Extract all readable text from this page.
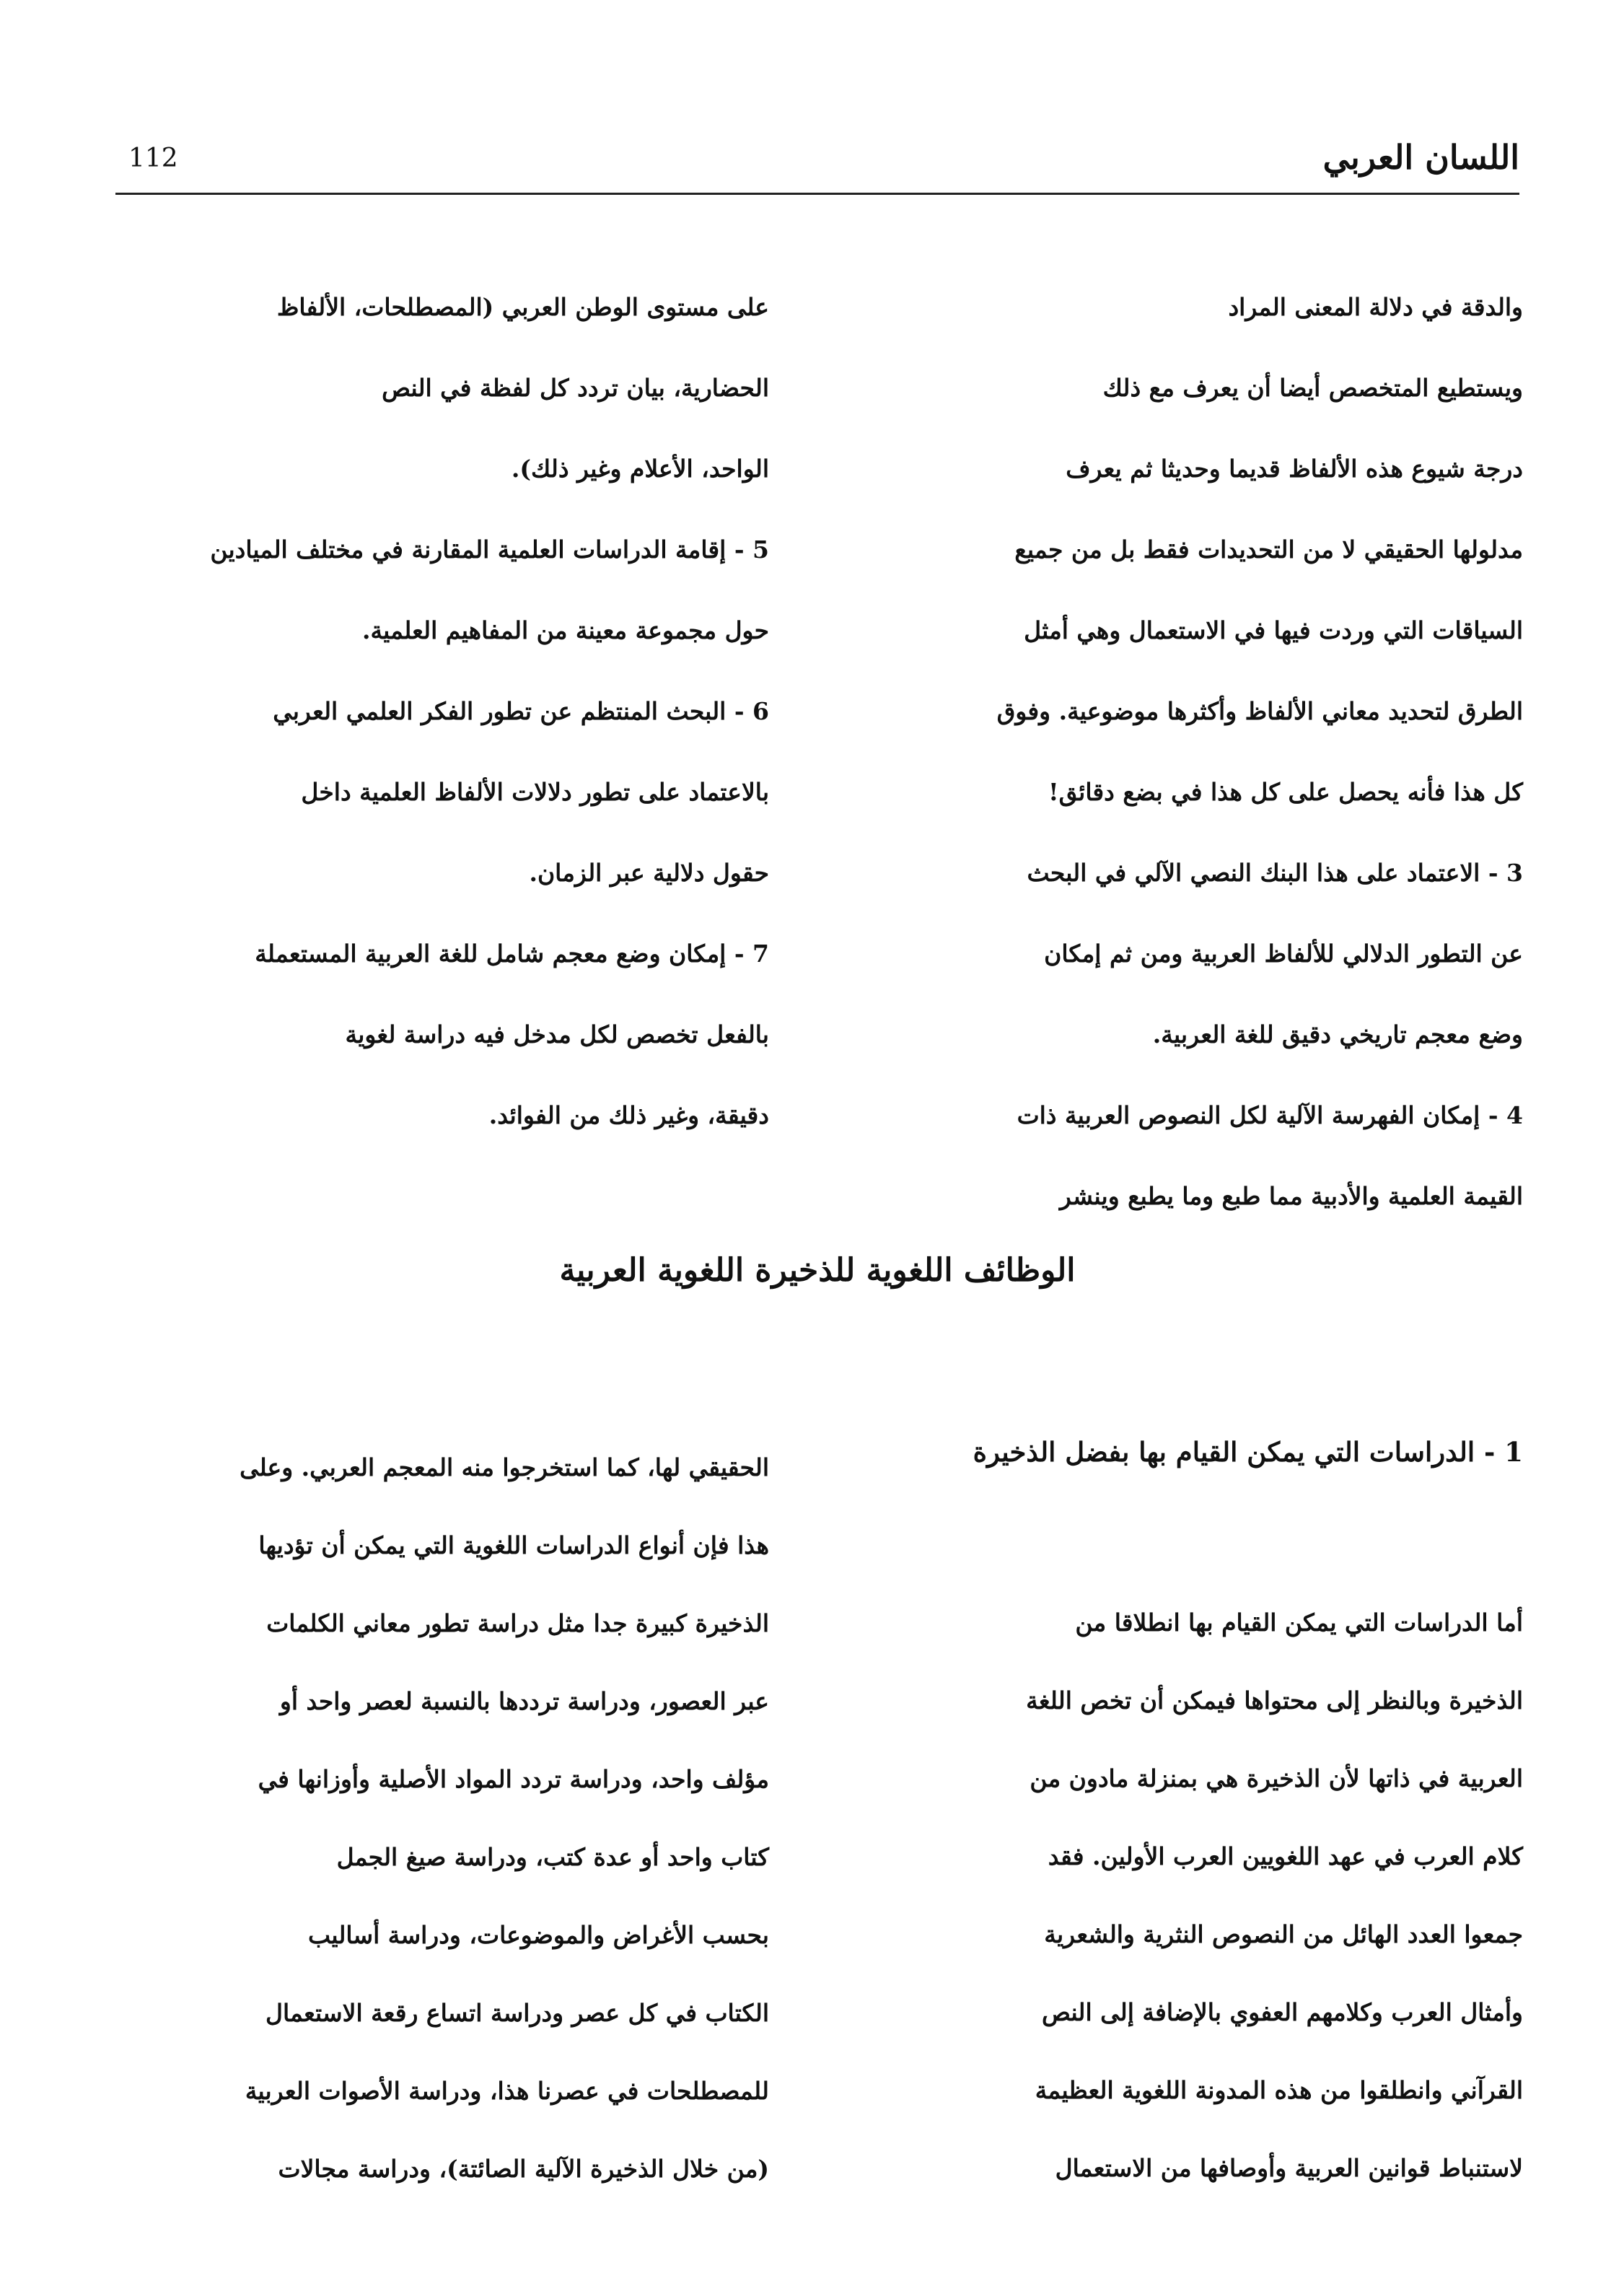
112	اللسان العربي
والدقة في دلالة المعنى المراد
ويستطيع المتخصص أيضا أن يعرف مع ذلك
درجة شيوع هذه الألفاظ قديما وحديثا ثم يعرف
مدلولها الحقيقي لا من التحديدات فقط بل من جميع
السياقات التي وردت فيها في الاستعمال وهي أمثل
الطرق لتحديد معاني الألفاظ وأكثرها موضوعية. وفوق
كل هذا فأنه يحصل على كل هذا في بضع دقائق!
3 - الاعتماد على هذا البنك النصي الآلي في البحث
عن التطور الدلالي للألفاظ العربية ومن ثم إمكان
وضع معجم تاريخي دقيق للغة العربية.
4 - إمكان الفهرسة الآلية لكل النصوص العربية ذات
القيمة العلمية والأدبية مما طبع وما يطبع وينشر
على مستوى الوطن العربي (المصطلحات، الألفاظ
الحضارية، بيان تردد كل لفظة في النص
الواحد، الأعلام وغير ذلك).
5 - إقامة الدراسات العلمية المقارنة في مختلف الميادين
حول مجموعة معينة من المفاهيم العلمية.
6 - البحث المنتظم عن تطور الفكر العلمي العربي
بالاعتماد على تطور دلالات الألفاظ العلمية داخل
حقول دلالية عبر الزمان.
7 - إمكان وضع معجم شامل للغة العربية المستعملة
بالفعل تخصص لكل مدخل فيه دراسة لغوية
دقيقة، وغير ذلك من الفوائد.
الوظائف اللغوية للذخيرة اللغوية العربية
1 - الدراسات التي يمكن القيام بها بفضل الذخيرة
أما الدراسات التي يمكن القيام بها انطلاقا من
الذخيرة وبالنظر إلى محتواها فيمكن أن تخص اللغة
العربية في ذاتها لأن الذخيرة هي بمنزلة مادون من
كلام العرب في عهد اللغويين العرب الأولين. فقد
جمعوا العدد الهائل من النصوص النثرية والشعرية
وأمثال العرب وكلامهم العفوي بالإضافة إلى النص
القرآني وانطلقوا من هذه المدونة اللغوية العظيمة
لاستنباط قوانين العربية وأوصافها من الاستعمال
الحقيقي لها، كما استخرجوا منه المعجم العربي. وعلى
هذا فإن أنواع الدراسات اللغوية التي يمكن أن تؤديها
الذخيرة كبيرة جدا مثل دراسة تطور معاني الكلمات
عبر العصور، ودراسة ترددها بالنسبة لعصر واحد أو
مؤلف واحد، ودراسة تردد المواد الأصلية وأوزانها في
كتاب واحد أو عدة كتب، ودراسة صيغ الجمل
بحسب الأغراض والموضوعات، ودراسة أساليب
الكتاب في كل عصر ودراسة اتساع رقعة الاستعمال
للمصطلحات في عصرنا هذا، ودراسة الأصوات العربية
(من خلال الذخيرة الآلية الصائتة)، ودراسة مجالات
